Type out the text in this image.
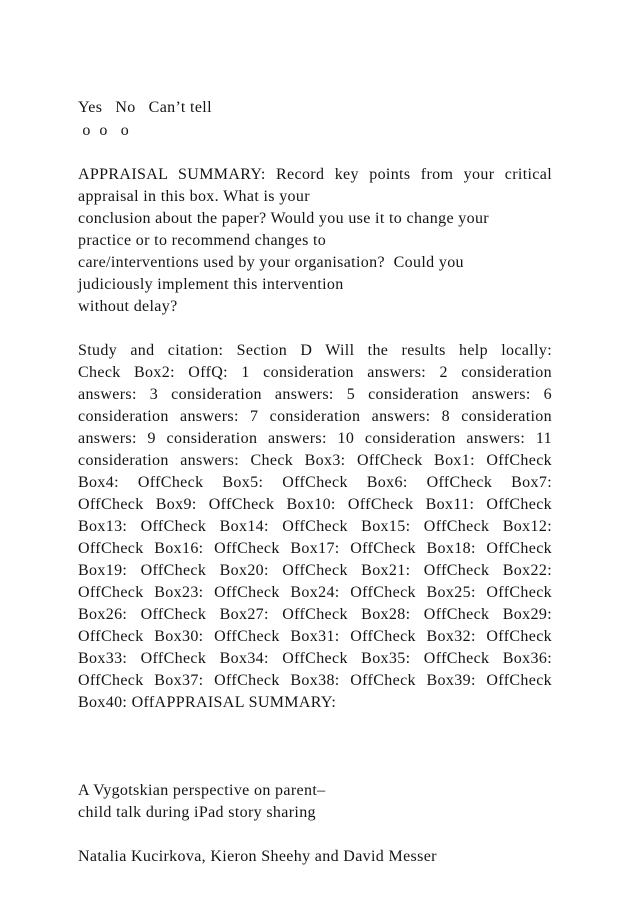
Yes   No   Can’t tell
o  o   o
APPRAISAL SUMMARY: Record key points from your critical
appraisal in this box. What is your
conclusion about the paper? Would you use it to change your
practice or to recommend changes to
care/interventions used by your organisation?  Could you
judiciously implement this intervention
without delay?
Study and citation: Section D Will the results help locally:
Check Box2: OffQ: 1 consideration answers: 2 consideration
answers: 3 consideration answers: 5 consideration answers: 6
consideration answers: 7 consideration answers: 8 consideration
answers: 9 consideration answers: 10 consideration answers: 11
consideration answers: Check Box3: OffCheck Box1: OffCheck
Box4: OffCheck Box5: OffCheck Box6: OffCheck Box7:
OffCheck Box9: OffCheck Box10: OffCheck Box11: OffCheck
Box13: OffCheck Box14: OffCheck Box15: OffCheck Box12:
OffCheck Box16: OffCheck Box17: OffCheck Box18: OffCheck
Box19: OffCheck Box20: OffCheck Box21: OffCheck Box22:
OffCheck Box23: OffCheck Box24: OffCheck Box25: OffCheck
Box26: OffCheck Box27: OffCheck Box28: OffCheck Box29:
OffCheck Box30: OffCheck Box31: OffCheck Box32: OffCheck
Box33: OffCheck Box34: OffCheck Box35: OffCheck Box36:
OffCheck Box37: OffCheck Box38: OffCheck Box39: OffCheck
Box40: OffAPPRAISAL SUMMARY:
A Vygotskian perspective on parent–
child talk during iPad story sharing
Natalia Kucirkova, Kieron Sheehy and David Messer
